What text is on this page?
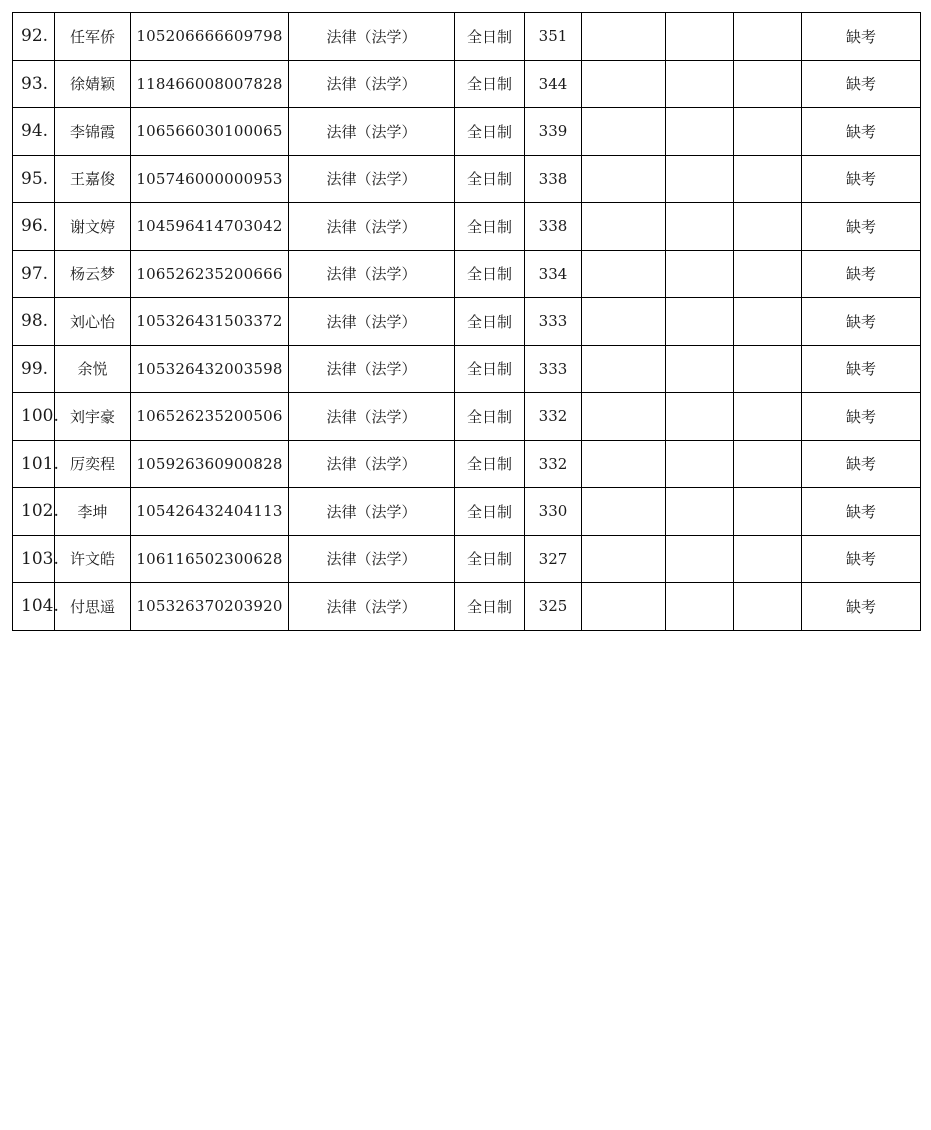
92.	任军侨	105206666609798	法律（法学）	全日制	351				缺考
93.	徐婧颖	118466008007828	法律（法学）	全日制	344				缺考
94.	李锦霞	106566030100065	法律（法学）	全日制	339				缺考
95.	王嘉俊	105746000000953	法律（法学）	全日制	338				缺考
96.	谢文婷	104596414703042	法律（法学）	全日制	338				缺考
97.	杨云梦	106526235200666	法律（法学）	全日制	334				缺考
98.	刘心怡	105326431503372	法律（法学）	全日制	333				缺考
99.	余悦	105326432003598	法律（法学）	全日制	333				缺考
100.	刘宇豪	106526235200506	法律（法学）	全日制	332				缺考
101.	厉奕程	105926360900828	法律（法学）	全日制	332				缺考
102.	李坤	105426432404113	法律（法学）	全日制	330				缺考
103.	许文皓	106116502300628	法律（法学）	全日制	327				缺考
104.	付思遥	105326370203920	法律（法学）	全日制	325				缺考
